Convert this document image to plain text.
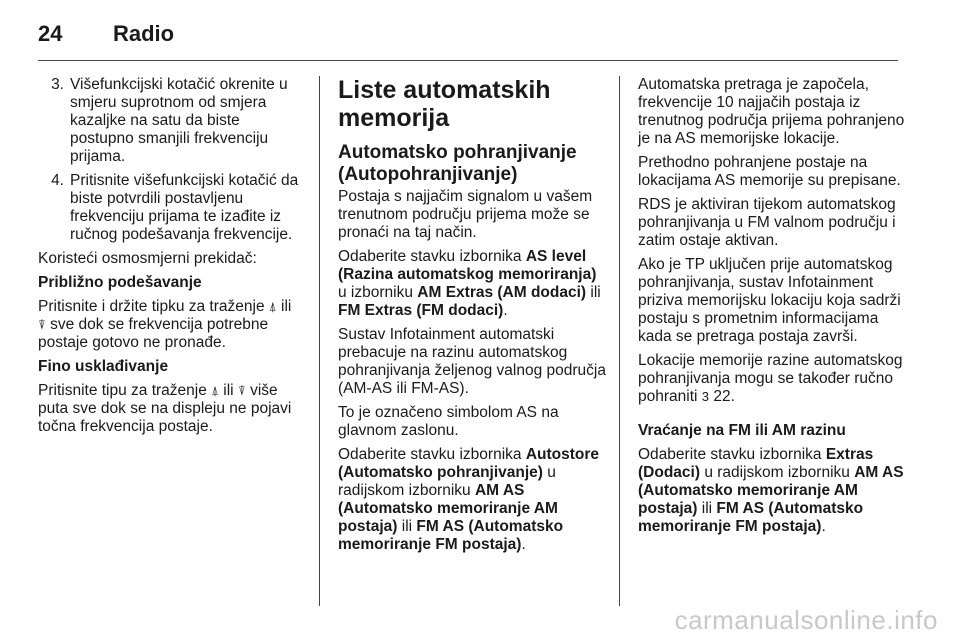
24	Radio
3. Višefunkcijski kotačić okrenite u smjeru suprotnom od smjera kazaljke na satu da biste postupno smanjili frekvenciju prijama.
4. Pritisnite višefunkcijski kotačić da biste potvrdili postavljenu frekvenciju prijama te izađite iz ručnog podešavanja frekvencije.

Koristeći osmosmjerni prekidač:

Približno podešavanje

Pritisnite i držite tipku za traženje ⍋ ili
⍒ sve dok se frekvencija potrebne postaje gotovo ne pronađe.

Fino usklađivanje

Pritisnite tipu za traženje ⍋ ili ⍒ više puta sve dok se na displeju ne pojavi točna frekvencija postaje.

Liste automatskih memorija
Automatsko pohranjivanje (Autopohranjivanje)

Postaja s najjačim signalom u vašem trenutnom području prijema može se pronaći na taj način.

Odaberite stavku izbornika AS level (Razina automatskog memoriranja) u izborniku AM Extras (AM dodaci) ili FM Extras (FM dodaci).

Sustav Infotainment automatski prebacuje na razinu automatskog pohranjivanja željenog valnog područja (AM-AS ili FM-AS).

To je označeno simbolom AS na glavnom zaslonu.

Odaberite stavku izbornika Autostore (Automatsko pohranjivanje) u radijskom izborniku AM AS (Automatsko memoriranje AM postaja) ili FM AS (Automatsko memoriranje FM postaja).

Automatska pretraga je započela, frekvencije 10 najjačih postaja iz trenutnog područja prijema pohranjeno je na AS memorijske lokacije.

Prethodno pohranjene postaje na lokacijama AS memorije su prepisane.

RDS je aktiviran tijekom automatskog pohranjivanja u FM valnom području i zatim ostaje aktivan.

Ako je TP uključen prije automatskog pohranjivanja, sustav Infotainment priziva memorijsku lokaciju koja sadrži postaju s prometnim informacijama kada se pretraga postaja završi.

Lokacije memorije razine automatskog pohranjivanja mogu se također ručno pohraniti 3 22.

Vraćanje na FM ili AM razinu

Odaberite stavku izbornika Extras (Dodaci) u radijskom izborniku AM AS (Automatsko memoriranje AM postaja) ili FM AS (Automatsko memoriranje FM postaja).

carmanualsonline.info
